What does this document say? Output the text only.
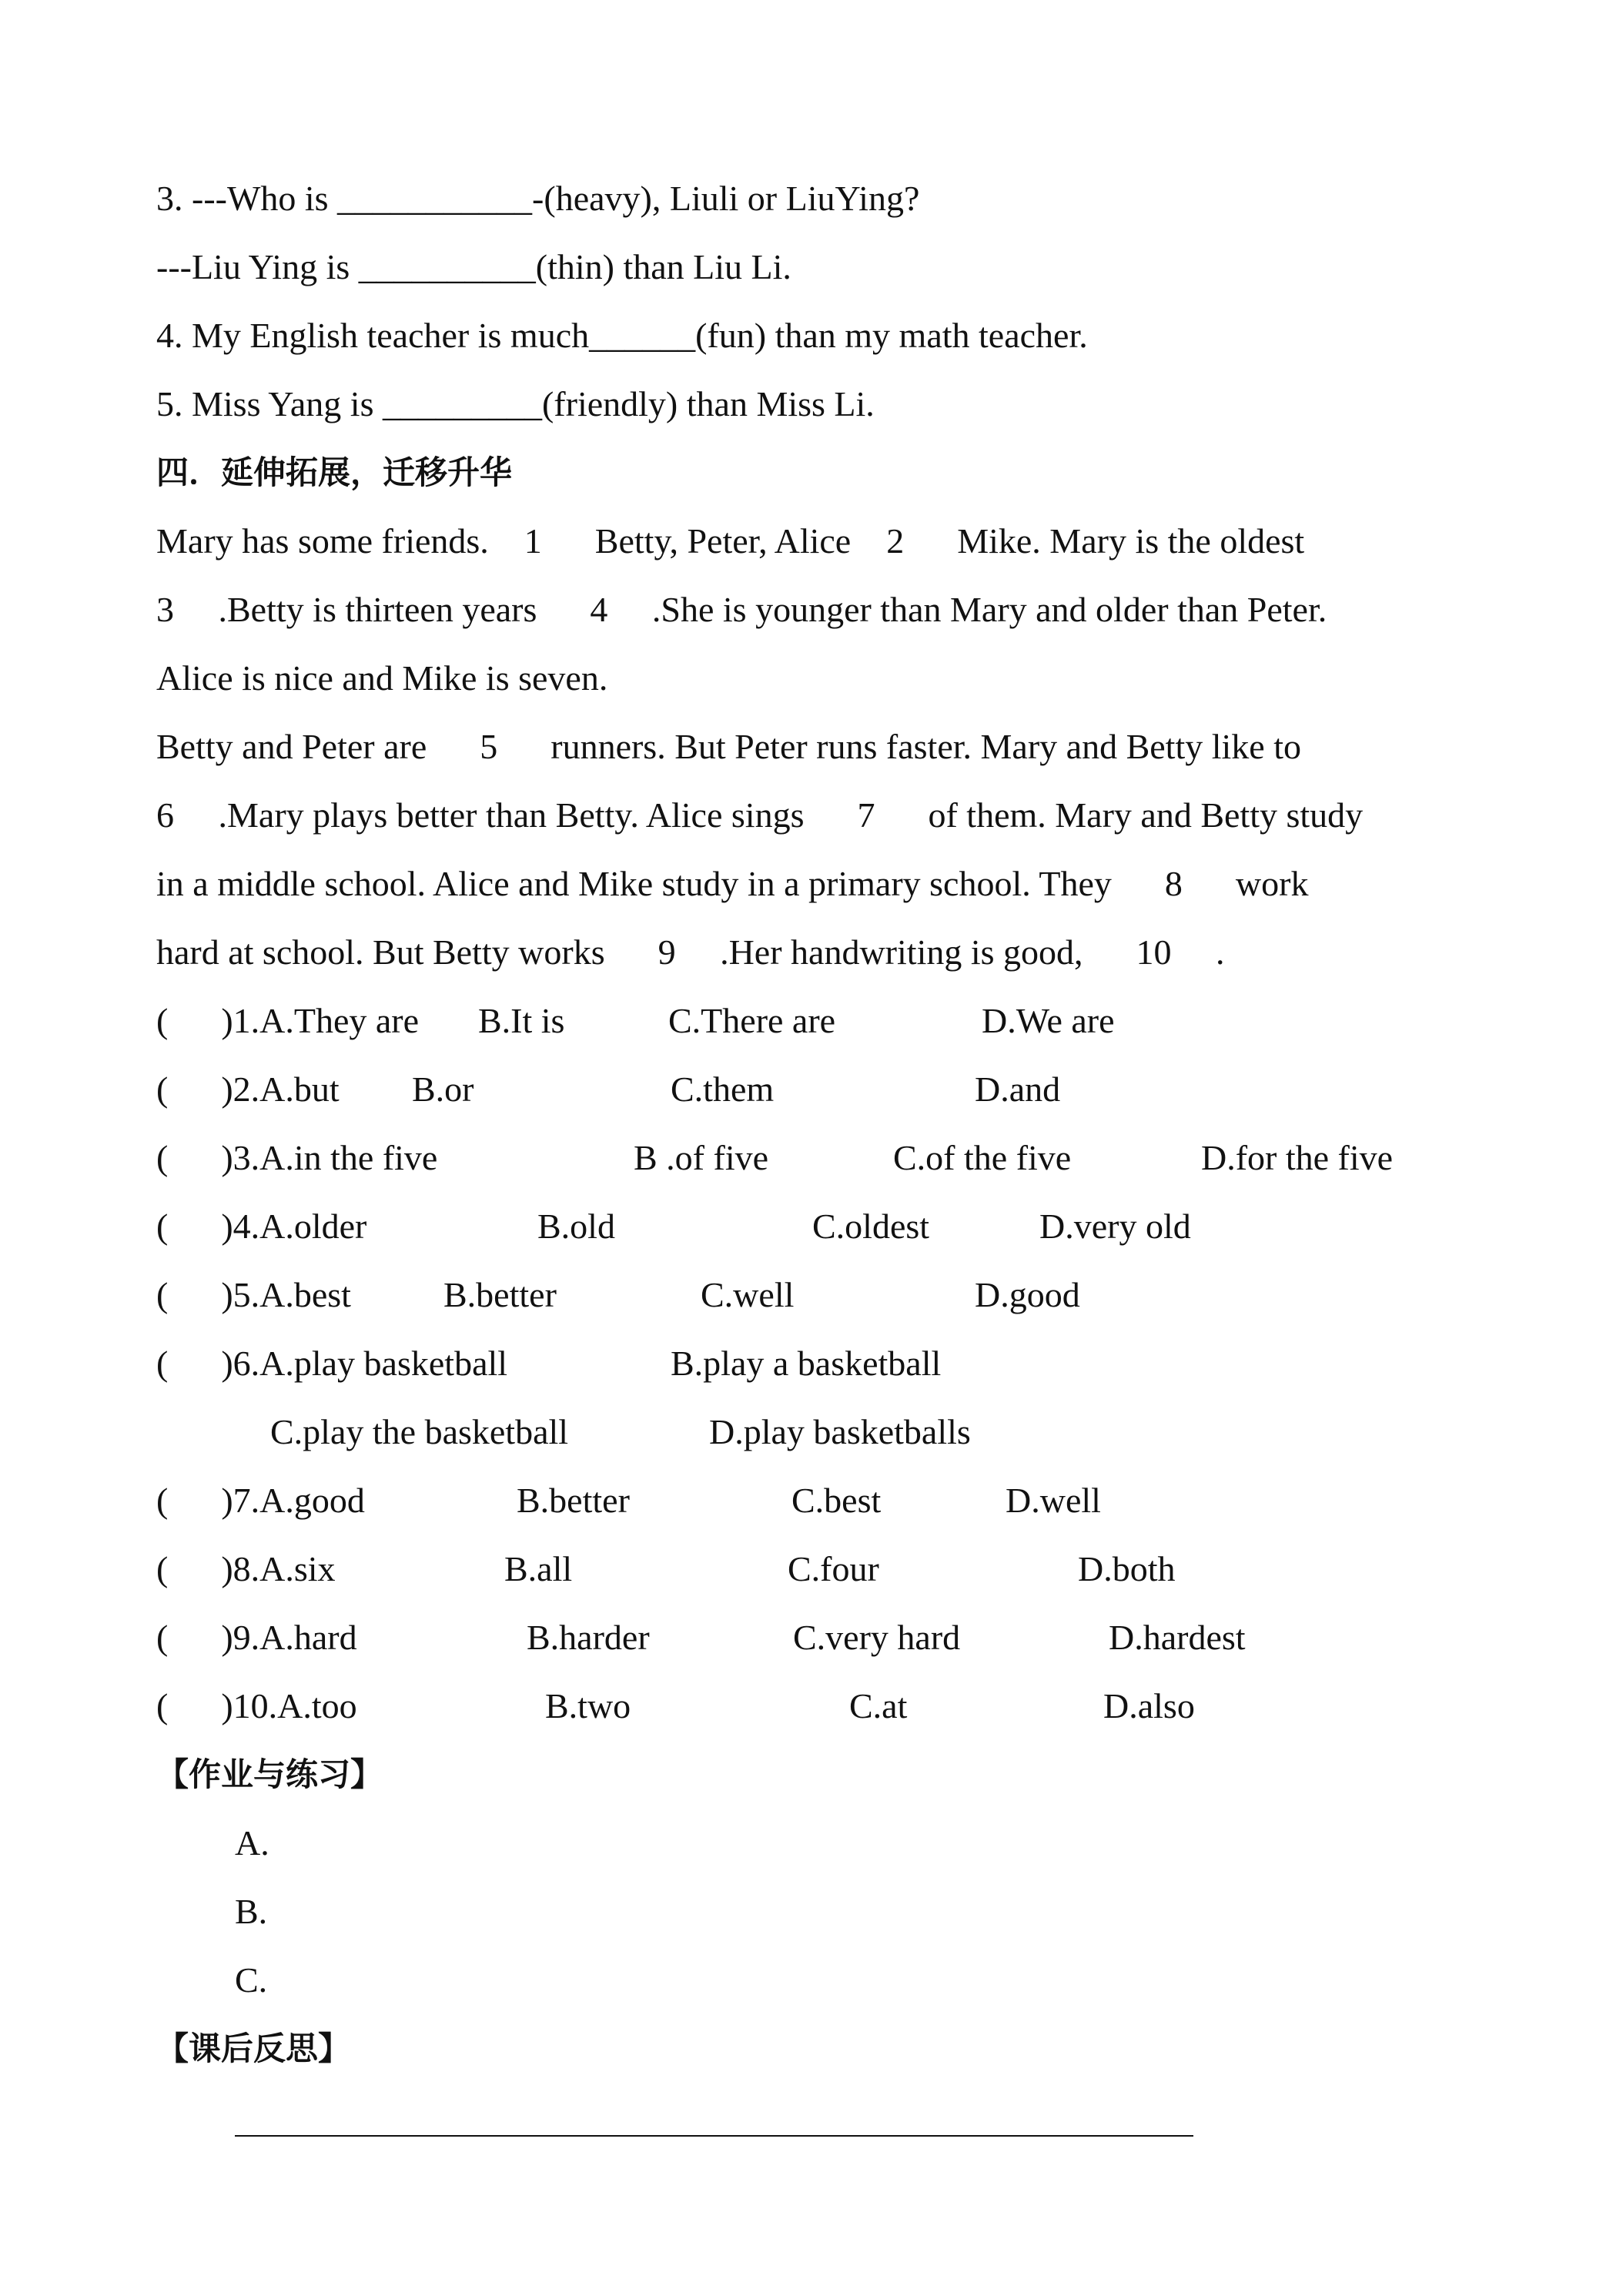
3. ---Who is ___________-(heavy), Liuli or LiuYing?
---Liu Ying is __________(thin) than Liu Li.
4. My English teacher is much______(fun) than my math teacher.
5. Miss Yang is _________(friendly) than Miss Li.
四．延伸拓展，迁移升华
Mary has some friends.    1      Betty, Peter, Alice    2      Mike. Mary is the oldest
3     .Betty is thirteen years      4     .She is younger than Mary and older than Peter.
Alice is nice and Mike is seven.
Betty and Peter are      5      runners. But Peter runs faster. Mary and Betty like to
6     .Mary plays better than Betty. Alice sings      7      of them. Mary and Betty study
in a middle school. Alice and Mike study in a primary school. They      8      work
hard at school. But Betty works      9     .Her handwriting is good,      10     .

(      )1.A.They are

B.It is

	C.There are

	D.We are

(      )2.A.but

B.or

	C.them

	D.and

(      )3.A.in the five

	B .of five

	C.of the five

	D.for the five

(      )4.A.older

	B.old

	C.oldest

	D.very old

(      )5.A.best

	B.better

	C.well

	D.good

(      )6.A.play basketball

	B.play a basketball

C.play the basketball

	D.play basketballs

(      )7.A.good

	B.better

	C.best

	D.well

(      )8.A.six

	B.all

	C.four

	D.both

(      )9.A.hard

	B.harder

	C.very hard

	D.hardest

(      )10.A.too

	B.two

	C.at

	D.also

【作业与练习】
A.
B.
C.
【课后反思】
